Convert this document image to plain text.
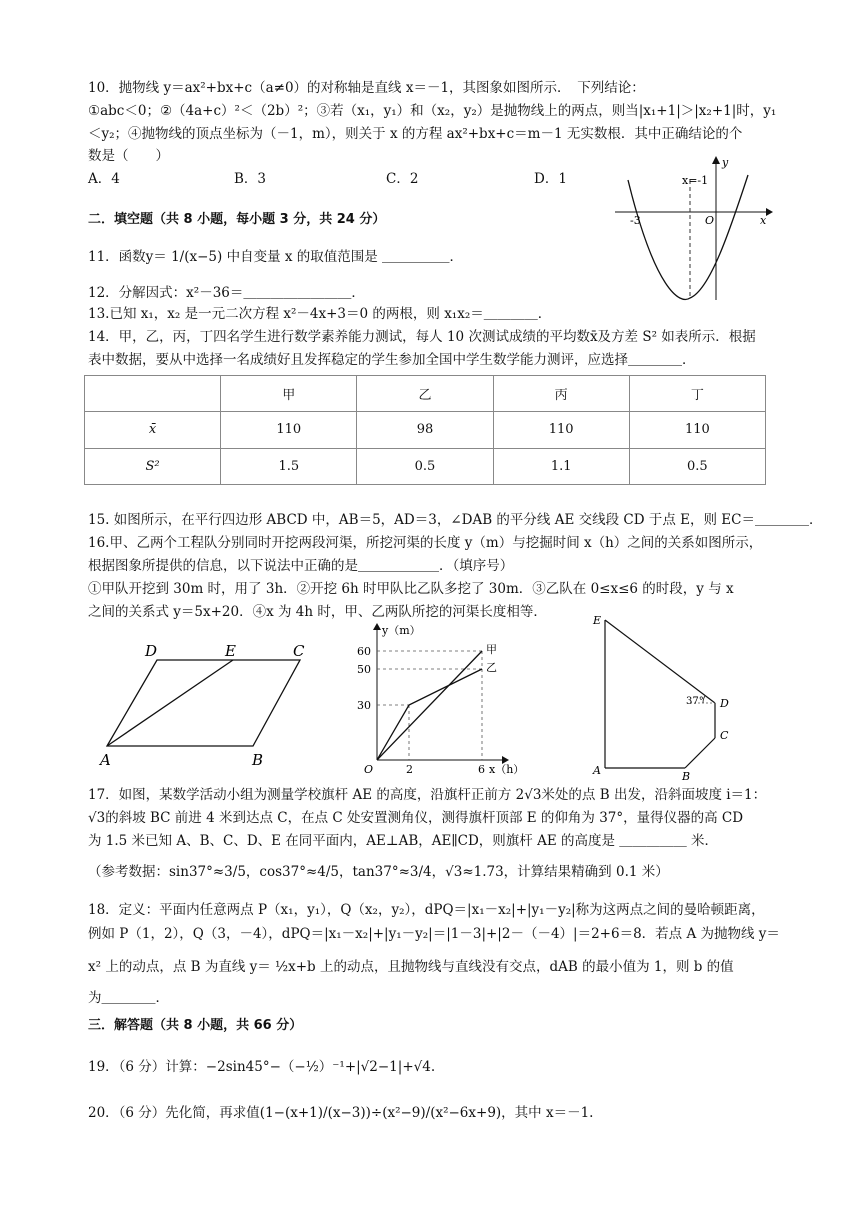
10．抛物线 y＝ax²+bx+c（a≠0）的对称轴是直线 x＝－1，其图象如图所示．　下列结论：
①abc＜0；②（4a+c）²＜（2b）²；③若（x₁，y₁）和（x₂，y₂）是抛物线上的两点，则当|x₁+1|＞|x₂+1|时，y₁
＜y₂；④抛物线的顶点坐标为（－1，m），则关于 x 的方程 ax²+bx+c＝m－1 无实数根．其中正确结论的个
数是（　　）
A．4	B．3	C．2	D．1
y
x
x=-1
-3	O
二．填空题（共 8 小题，每小题 3 分，共 24 分）
11．函数y＝ 1/(x−5) 中自变量 x 的取值范围是 ＿＿＿＿＿．
12．分解因式：x²－36＝＿＿＿＿＿＿＿＿．
13.已知 x₁，x₂ 是一元二次方程 x²－4x+3＝0 的两根，则 x₁x₂＝＿＿＿＿．
14．甲，乙，丙，丁四名学生进行数学素养能力测试，每人 10 次测试成绩的平均数x̄及方差 S² 如表所示．根据
表中数据，要从中选择一名成绩好且发挥稳定的学生参加全国中学生数学能力测评，应选择＿＿＿＿．
	甲	乙	丙	丁
x̄	110	98	110	110
S²	1.5	0.5	1.1	0.5
15. 如图所示，在平行四边形 ABCD 中，AB＝5，AD＝3，∠DAB 的平分线 AE 交线段 CD 于点 E，则 EC＝＿＿＿＿．
16.甲、乙两个工程队分别同时开挖两段河渠，所挖河渠的长度 y（m）与挖掘时间 x（h）之间的关系如图所示，
根据图象所提供的信息，以下说法中正确的是＿＿＿＿＿＿．（填序号）
①甲队开挖到 30m 时，用了 3h．②开挖 6h 时甲队比乙队多挖了 30m．③乙队在 0≤x≤6 的时段，y 与 x
之间的关系式 y＝5x+20．④x 为 4h 时，甲、乙两队所挖的河渠长度相等．
D	E	C
A	B
y（m）
60
50
30
2	6 x（h）
O
甲
乙
E
D
C
A	B
37°
17．如图，某数学活动小组为测量学校旗杆 AE 的高度，沿旗杆正前方 2√3米处的点 B 出发，沿斜面坡度 i＝1：
√3的斜坡 BC 前进 4 米到达点 C，在点 C 处安置测角仪，测得旗杆顶部 E 的仰角为 37°，量得仪器的高 CD
为 1.5 米已知 A、B、C、D、E 在同平面内，AE⊥AB，AE∥CD，则旗杆 AE 的高度是 ＿＿＿＿＿ 米．
（参考数据：sin37°≈3/5，cos37°≈4/5，tan37°≈3/4，√3≈1.73，计算结果精确到 0.1 米）
18．定义：平面内任意两点 P（x₁，y₁），Q（x₂，y₂），dPQ＝|x₁－x₂|+|y₁－y₂|称为这两点之间的曼哈顿距离，
例如 P（1，2），Q（3，－4），dPQ＝|x₁－x₂|+|y₁－y₂|＝|1－3|+|2－（－4）|＝2+6＝8．若点 A 为抛物线 y＝
x² 上的动点，点 B 为直线 y＝ ½x+b 上的动点，且抛物线与直线没有交点，dAB 的最小值为 1，则 b 的值
为＿＿＿＿．
三．解答题（共 8 小题，共 66 分）
19．（6 分）计算：−2sin45°−（−½）⁻¹+|√2−1|+√4.
20．（6 分）先化简，再求值(1−(x+1)/(x−3))÷(x²−9)/(x²−6x+9)，其中 x＝－1.
